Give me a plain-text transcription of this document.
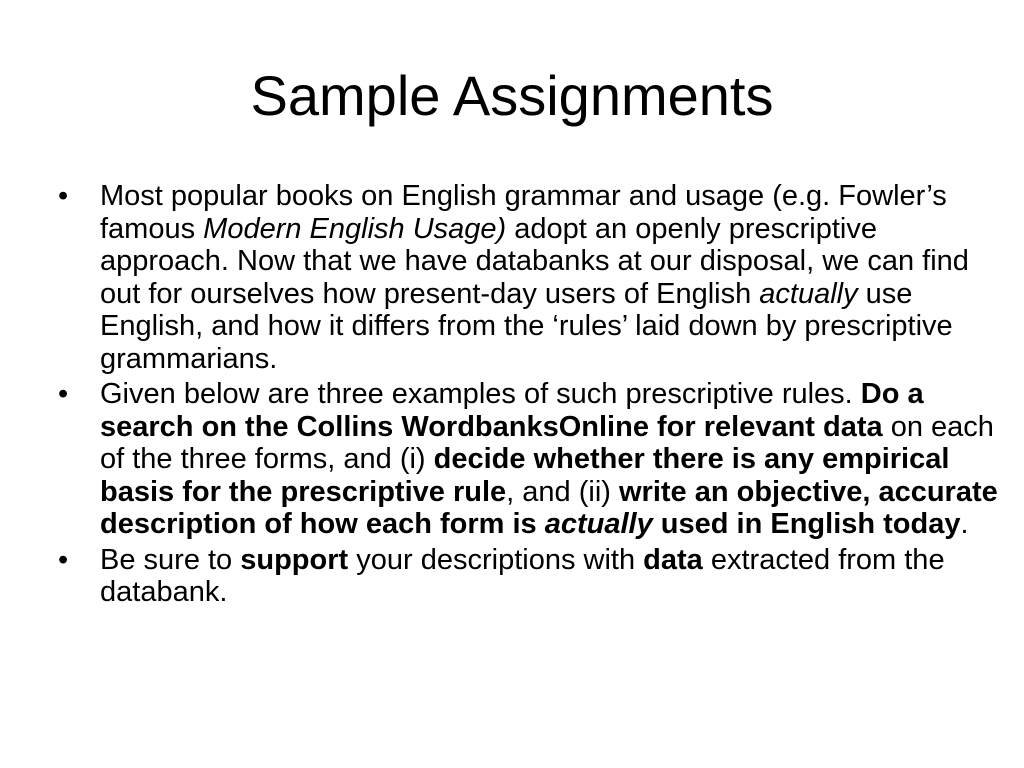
Sample Assignments
•	Most popular books on English grammar and usage (e.g. Fowler’s famous Modern English Usage) adopt an openly prescriptive approach. Now that we have databanks at our disposal, we can find out for ourselves how present-day users of English actually use English, and how it differs from the ‘rules’ laid down by prescriptive grammarians.
•	Given below are three examples of such prescriptive rules. Do a search on the Collins WordbanksOnline for relevant data on each of the three forms, and (i) decide whether there is any empirical basis for the prescriptive rule, and (ii) write an objective, accurate description of how each form is actually used in English today.
•	Be sure to support your descriptions with data extracted from the databank.
